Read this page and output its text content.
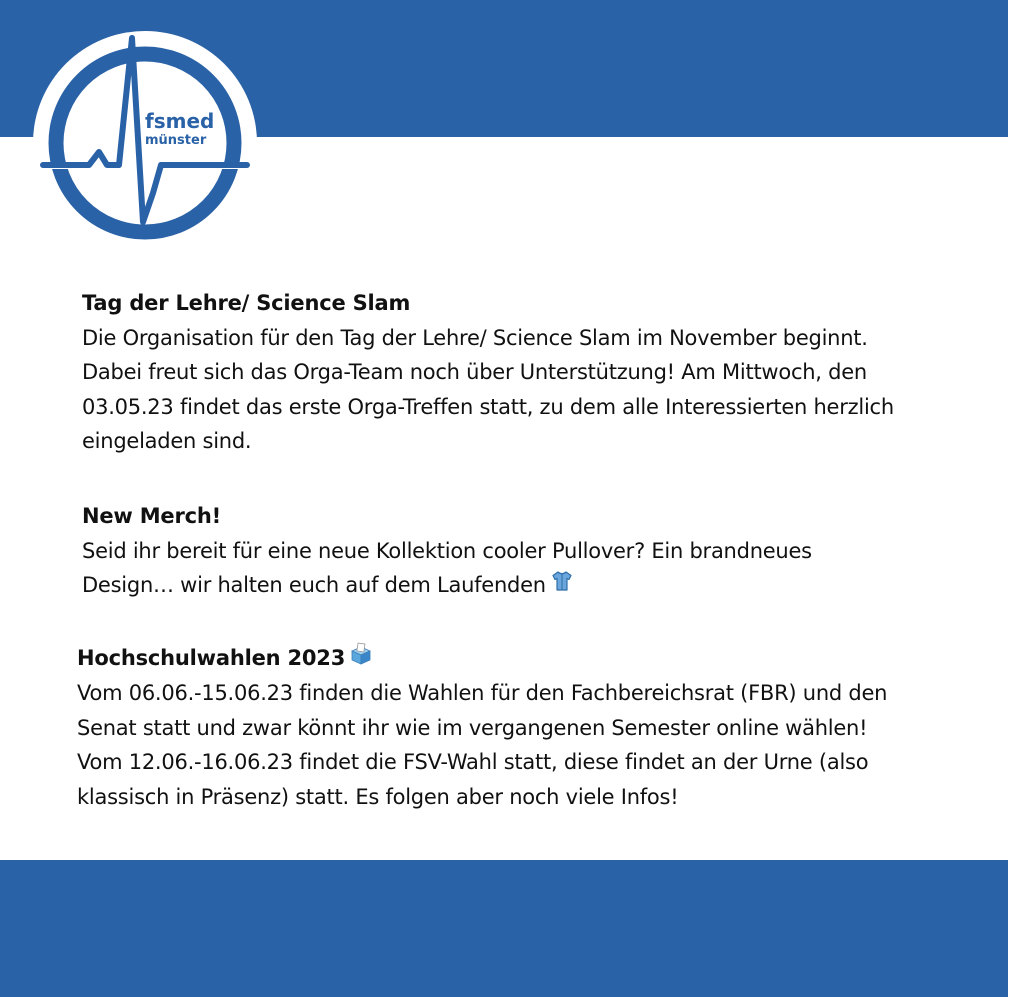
fsmed
münster
Tag der Lehre/ Science Slam
Die Organisation für den Tag der Lehre/ Science Slam im November beginnt.
Dabei freut sich das Orga-Team noch über Unterstützung! Am Mittwoch, den
03.05.23 findet das erste Orga-Treffen statt, zu dem alle Interessierten herzlich
eingeladen sind.
New Merch!
Seid ihr bereit für eine neue Kollektion cooler Pullover? Ein brandneues
Design… wir halten euch auf dem Laufenden
Hochschulwahlen 2023
Vom 06.06.-15.06.23 finden die Wahlen für den Fachbereichsrat (FBR) und den
Senat statt und zwar könnt ihr wie im vergangenen Semester online wählen!
Vom 12.06.-16.06.23 findet die FSV-Wahl statt, diese findet an der Urne (also
klassisch in Präsenz) statt. Es folgen aber noch viele Infos!
